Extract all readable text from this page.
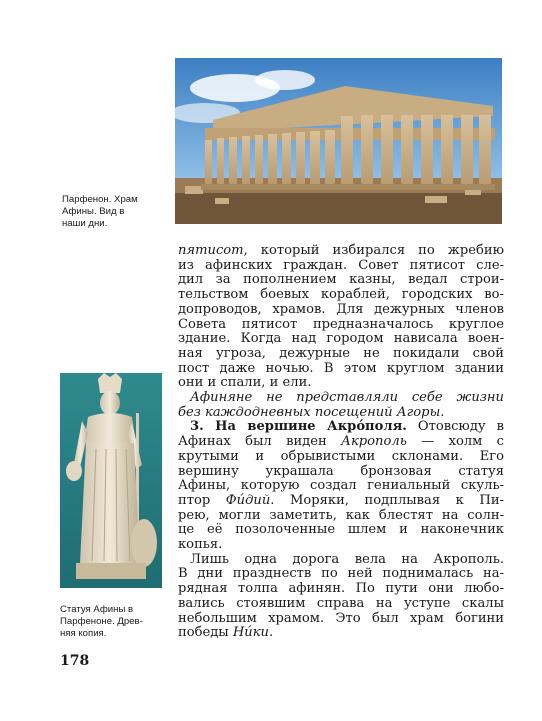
Парфенон. Храм
Афины. Вид в
наши дни.
Статуя Афины в
Парфеноне. Древ-
няя копия.
пятисот, который избирался по жребию
из афинских граждан. Совет пятисот сле-
дил за пополнением казны, ведал строи-
тельством боевых кораблей, городских во-
допроводов, храмов. Для дежурных членов
Совета пятисот предназначалось круглое
здание. Когда над городом нависала воен-
ная угроза, дежурные не покидали свой
пост даже ночью. В этом круглом здании
они и спали, и ели.
Афиняне не представляли себе жизни
без каждодневных посещений Агоры.
3. На вершине Акрóполя. Отовсюду в
Афинах был виден Акрополь — холм с
крутыми и обрывистыми склонами. Его
вершину украшала бронзовая статуя
Афины, которую создал гениальный скуль-
птор Фúдий. Моряки, подплывая к Пи-
рею, могли заметить, как блестят на солн-
це её позолоченные шлем и наконечник
копья.
Лишь одна дорога вела на Акрополь.
В дни празднеств по ней поднималась на-
рядная толпа афинян. По пути они любо-
вались стоявшим справа на уступе скалы
небольшим храмом. Это был храм богини
победы Нúки.
178
